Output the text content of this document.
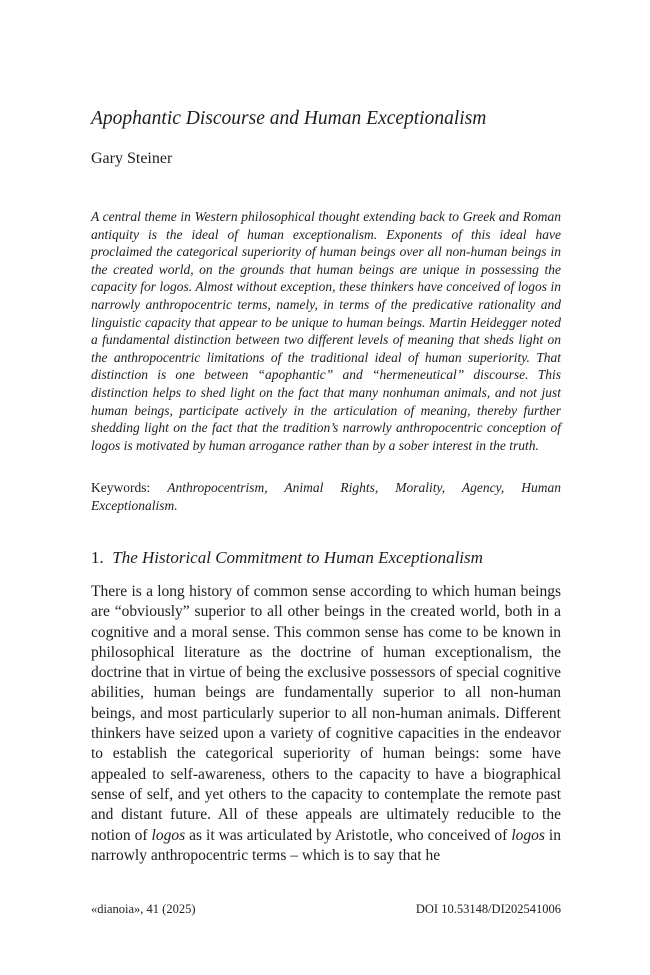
Apophantic Discourse and Human Exceptionalism
Gary Steiner

A central theme in Western philosophical thought extending back to Greek and Roman antiquity is the ideal of human exceptionalism. Exponents of this ideal have proclaimed the categorical superiority of human beings over all non-human beings in the created world, on the grounds that human beings are unique in possessing the capacity for logos. Almost without exception, these thinkers have conceived of logos in narrowly anthropocentric terms, namely, in terms of the predicative rationality and linguistic capacity that appear to be unique to human beings. Martin Heidegger noted a fundamental distinction between two different levels of meaning that sheds light on the anthropocentric limitations of the traditional ideal of human superiority. That distinction is one between “apophantic” and “hermeneutical” discourse. This distinction helps to shed light on the fact that many nonhuman animals, and not just human beings, participate actively in the articulation of meaning, thereby further shedding light on the fact that the tradition’s narrowly anthropocentric conception of logos is motivated by human arrogance rather than by a sober interest in the truth.

Keywords: Anthropocentrism, Animal Rights, Morality, Agency, Human Exceptionalism.

1. The Historical Commitment to Human Exceptionalism

There is a long history of common sense according to which human beings are “obviously” superior to all other beings in the created world, both in a cognitive and a moral sense. This common sense has come to be known in philosophical literature as the doctrine of human exceptionalism, the doctrine that in virtue of being the exclusive possessors of special cognitive abilities, human beings are fundamentally superior to all non-human beings, and most particularly superior to all non-human animals. Different thinkers have seized upon a variety of cognitive capacities in the endeavor to establish the categorical superiority of human beings: some have appealed to self-awareness, others to the capacity to have a biographical sense of self, and yet others to the capacity to contemplate the remote past and distant future. All of these appeals are ultimately reducible to the notion of logos as it was articulated by Aristotle, who conceived of logos in narrowly anthropocentric terms – which is to say that he

«dianoia», 41 (2025)	DOI 10.53148/DI202541006
